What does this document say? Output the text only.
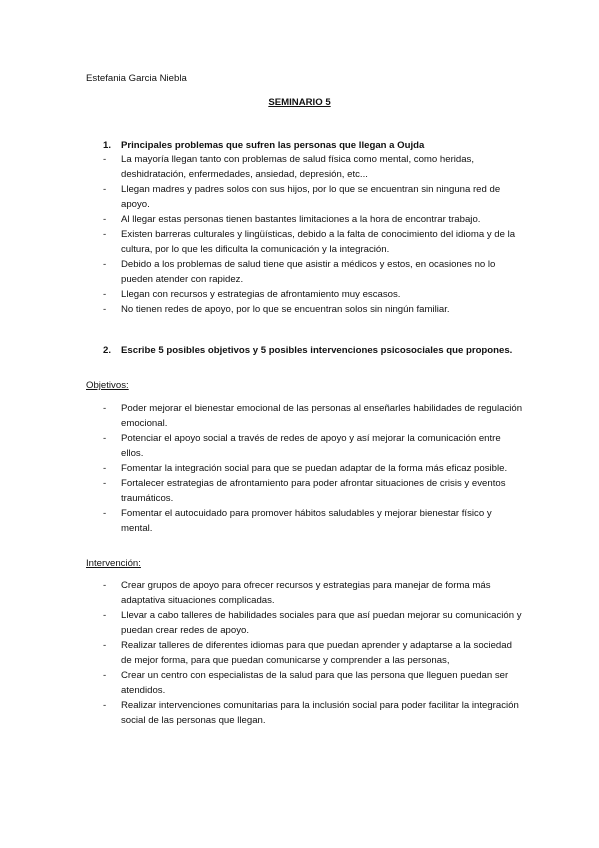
Estefania Garcia Niebla
SEMINARIO 5
1. Principales problemas que sufren las personas que llegan a Oujda
- La mayoría llegan tanto con problemas de salud física como mental, como heridas, deshidratación, enfermedades, ansiedad, depresión, etc...
- Llegan madres y padres solos con sus hijos, por lo que se encuentran sin ninguna red de apoyo.
- Al llegar estas personas tienen bastantes limitaciones a la hora de encontrar trabajo.
- Existen barreras culturales y lingüísticas, debido a la falta de conocimiento del idioma y de la cultura, por lo que les dificulta la comunicación y la integración.
- Debido a los problemas de salud tiene que asistir a médicos y estos, en ocasiones no lo pueden atender con rapidez.
- Llegan con recursos y estrategias de afrontamiento muy escasos.
- No tienen redes de apoyo, por lo que se encuentran solos sin ningún familiar.
2. Escribe 5 posibles objetivos y 5 posibles intervenciones psicosociales que propones.
Objetivos:
- Poder mejorar el bienestar emocional de las personas al enseñarles habilidades de regulación emocional.
- Potenciar el apoyo social a través de redes de apoyo y así mejorar la comunicación entre ellos.
- Fomentar la integración social para que se puedan adaptar de la forma más eficaz posible.
- Fortalecer estrategias de afrontamiento para poder afrontar situaciones de crisis y eventos traumáticos.
- Fomentar el autocuidado para promover hábitos saludables y mejorar bienestar físico y mental.
Intervención:
- Crear grupos de apoyo para ofrecer recursos y estrategias para manejar de forma más adaptativa situaciones complicadas.
- Llevar a cabo talleres de habilidades sociales para que así puedan mejorar su comunicación y puedan crear redes de apoyo.
- Realizar talleres de diferentes idiomas para que puedan aprender y adaptarse a la sociedad de mejor forma, para que puedan comunicarse y comprender a las personas,
- Crear un centro con especialistas de la salud para que las persona que lleguen puedan ser atendidos.
- Realizar intervenciones comunitarias para la inclusión social para poder facilitar la integración social de las personas que llegan.
